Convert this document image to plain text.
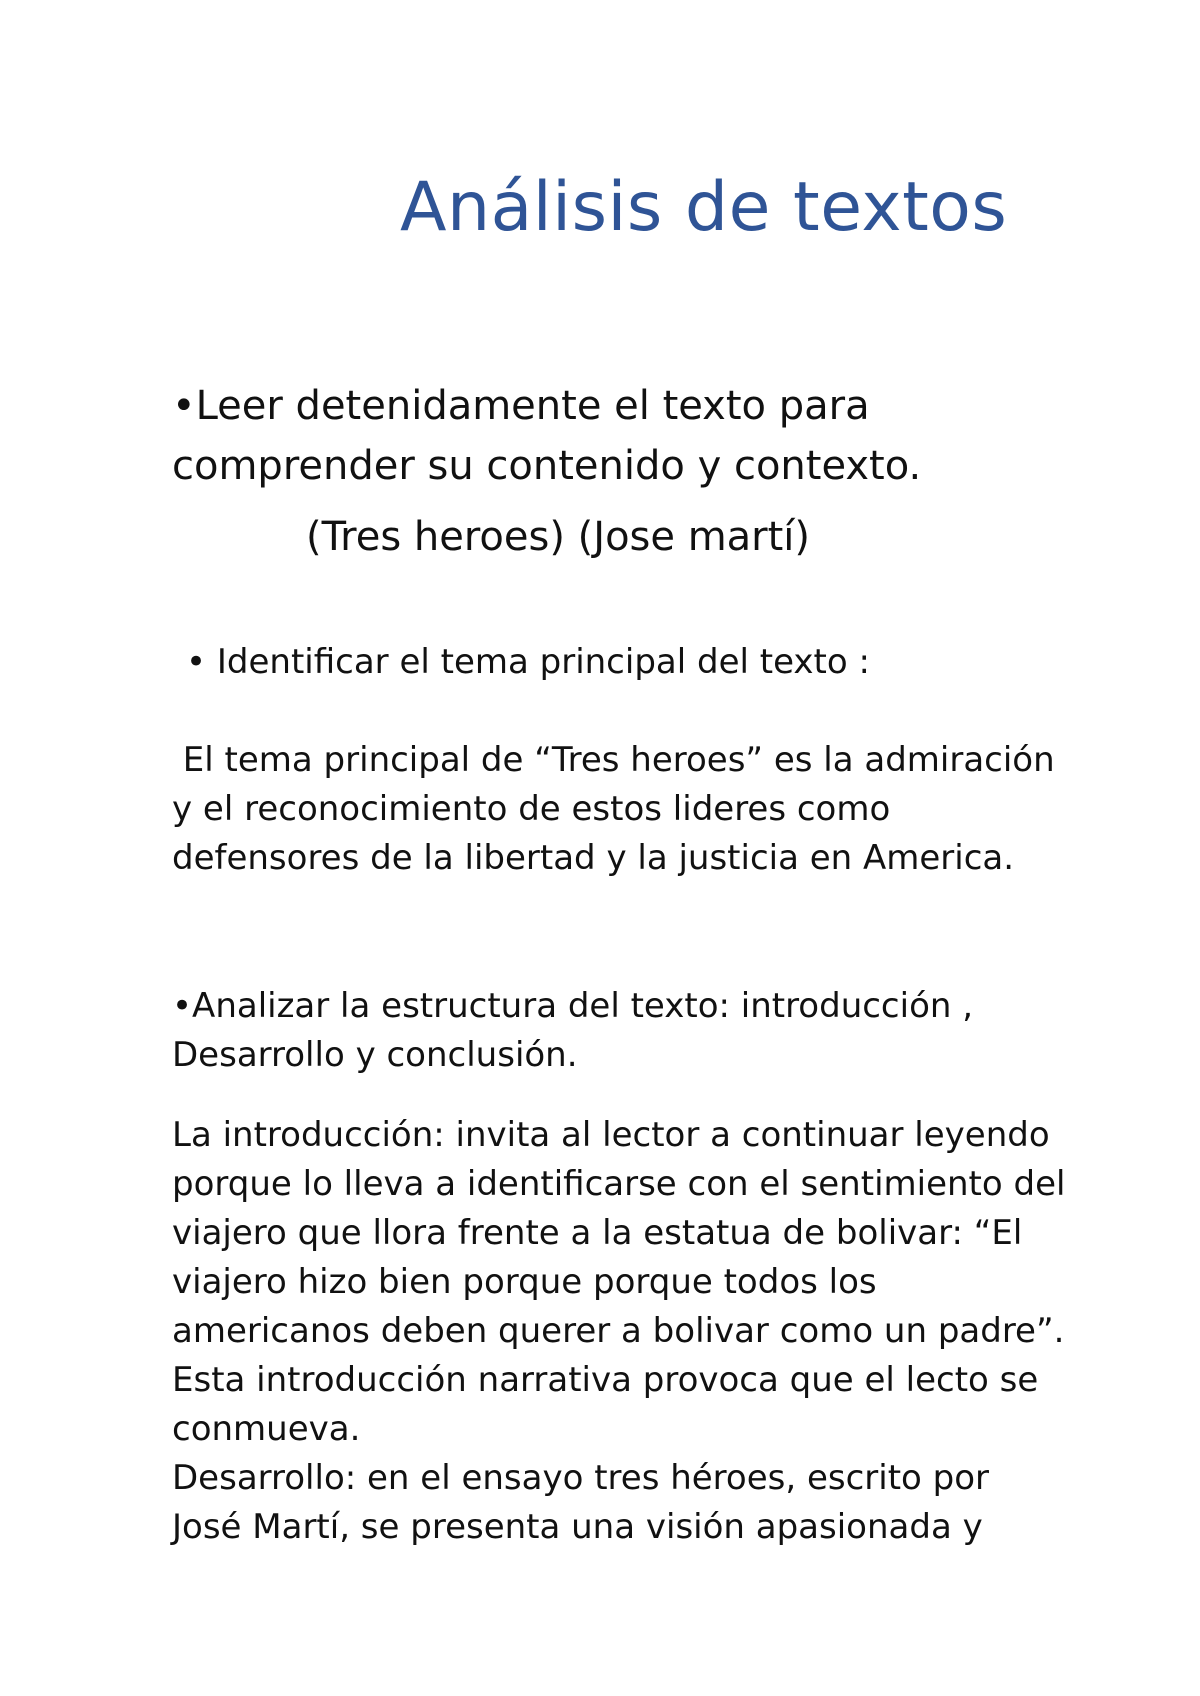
Análisis de textos

•Leer detenidamente el texto para
comprender su contenido y contexto.

(Tres heroes) (Jose martí)

• Identificar el tema principal del texto :

El tema principal de “Tres heroes” es la admiración
y el reconocimiento de estos lideres como
defensores de la libertad y la justicia en America.

•Analizar la estructura del texto: introducción ,
Desarrollo y conclusión.

La introducción: invita al lector a continuar leyendo
porque lo lleva a identificarse con el sentimiento del
viajero que llora frente a la estatua de bolivar: “El
viajero hizo bien porque porque todos los
americanos deben querer a bolivar como un padre”.
Esta introducción narrativa provoca que el lecto se
conmueva.
Desarrollo: en el ensayo tres héroes, escrito por
José Martí, se presenta una visión apasionada y
